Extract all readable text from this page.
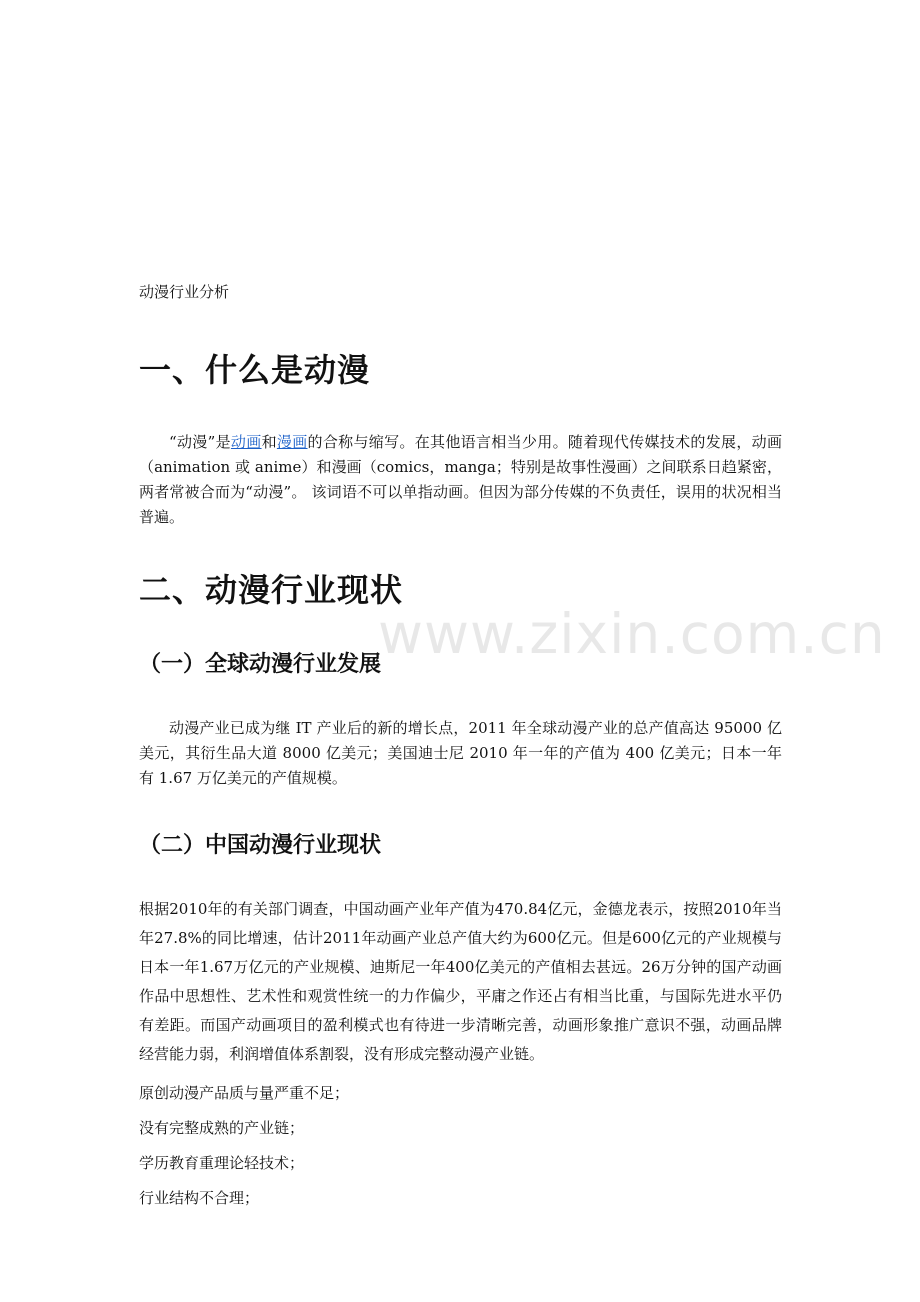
动漫行业分析

一、什么是动漫

“动漫”是动画和漫画的合称与缩写。在其他语言相当少用。随着现代传媒技术的发展，动画（animation 或 anime）和漫画（comics，manga；特别是故事性漫画）之间联系日趋紧密，两者常被合而为“动漫”。 该词语不可以单指动画。但因为部分传媒的不负责任，误用的状况相当普遍。

二、动漫行业现状
（一）全球动漫行业发展

动漫产业已成为继 IT 产业后的新的增长点，2011 年全球动漫产业的总产值高达 95000 亿美元，其衍生品大道 8000 亿美元；美国迪士尼 2010 年一年的产值为 400 亿美元；日本一年有 1.67 万亿美元的产值规模。

（二）中国动漫行业现状

根据2010年的有关部门调查，中国动画产业年产值为470.84亿元，金德龙表示，按照2010年当年27.8%的同比增速，估计2011年动画产业总产值大约为600亿元。但是600亿元的产业规模与日本一年1.67万亿元的产业规模、迪斯尼一年400亿美元的产值相去甚远。26万分钟的国产动画作品中思想性、艺术性和观赏性统一的力作偏少，平庸之作还占有相当比重，与国际先进水平仍有差距。而国产动画项目的盈利模式也有待进一步清晰完善，动画形象推广意识不强，动画品牌经营能力弱，利润增值体系割裂，没有形成完整动漫产业链。

原创动漫产品质与量严重不足；

没有完整成熟的产业链；

学历教育重理论轻技术；

行业结构不合理；

www.zixin.com.cn
